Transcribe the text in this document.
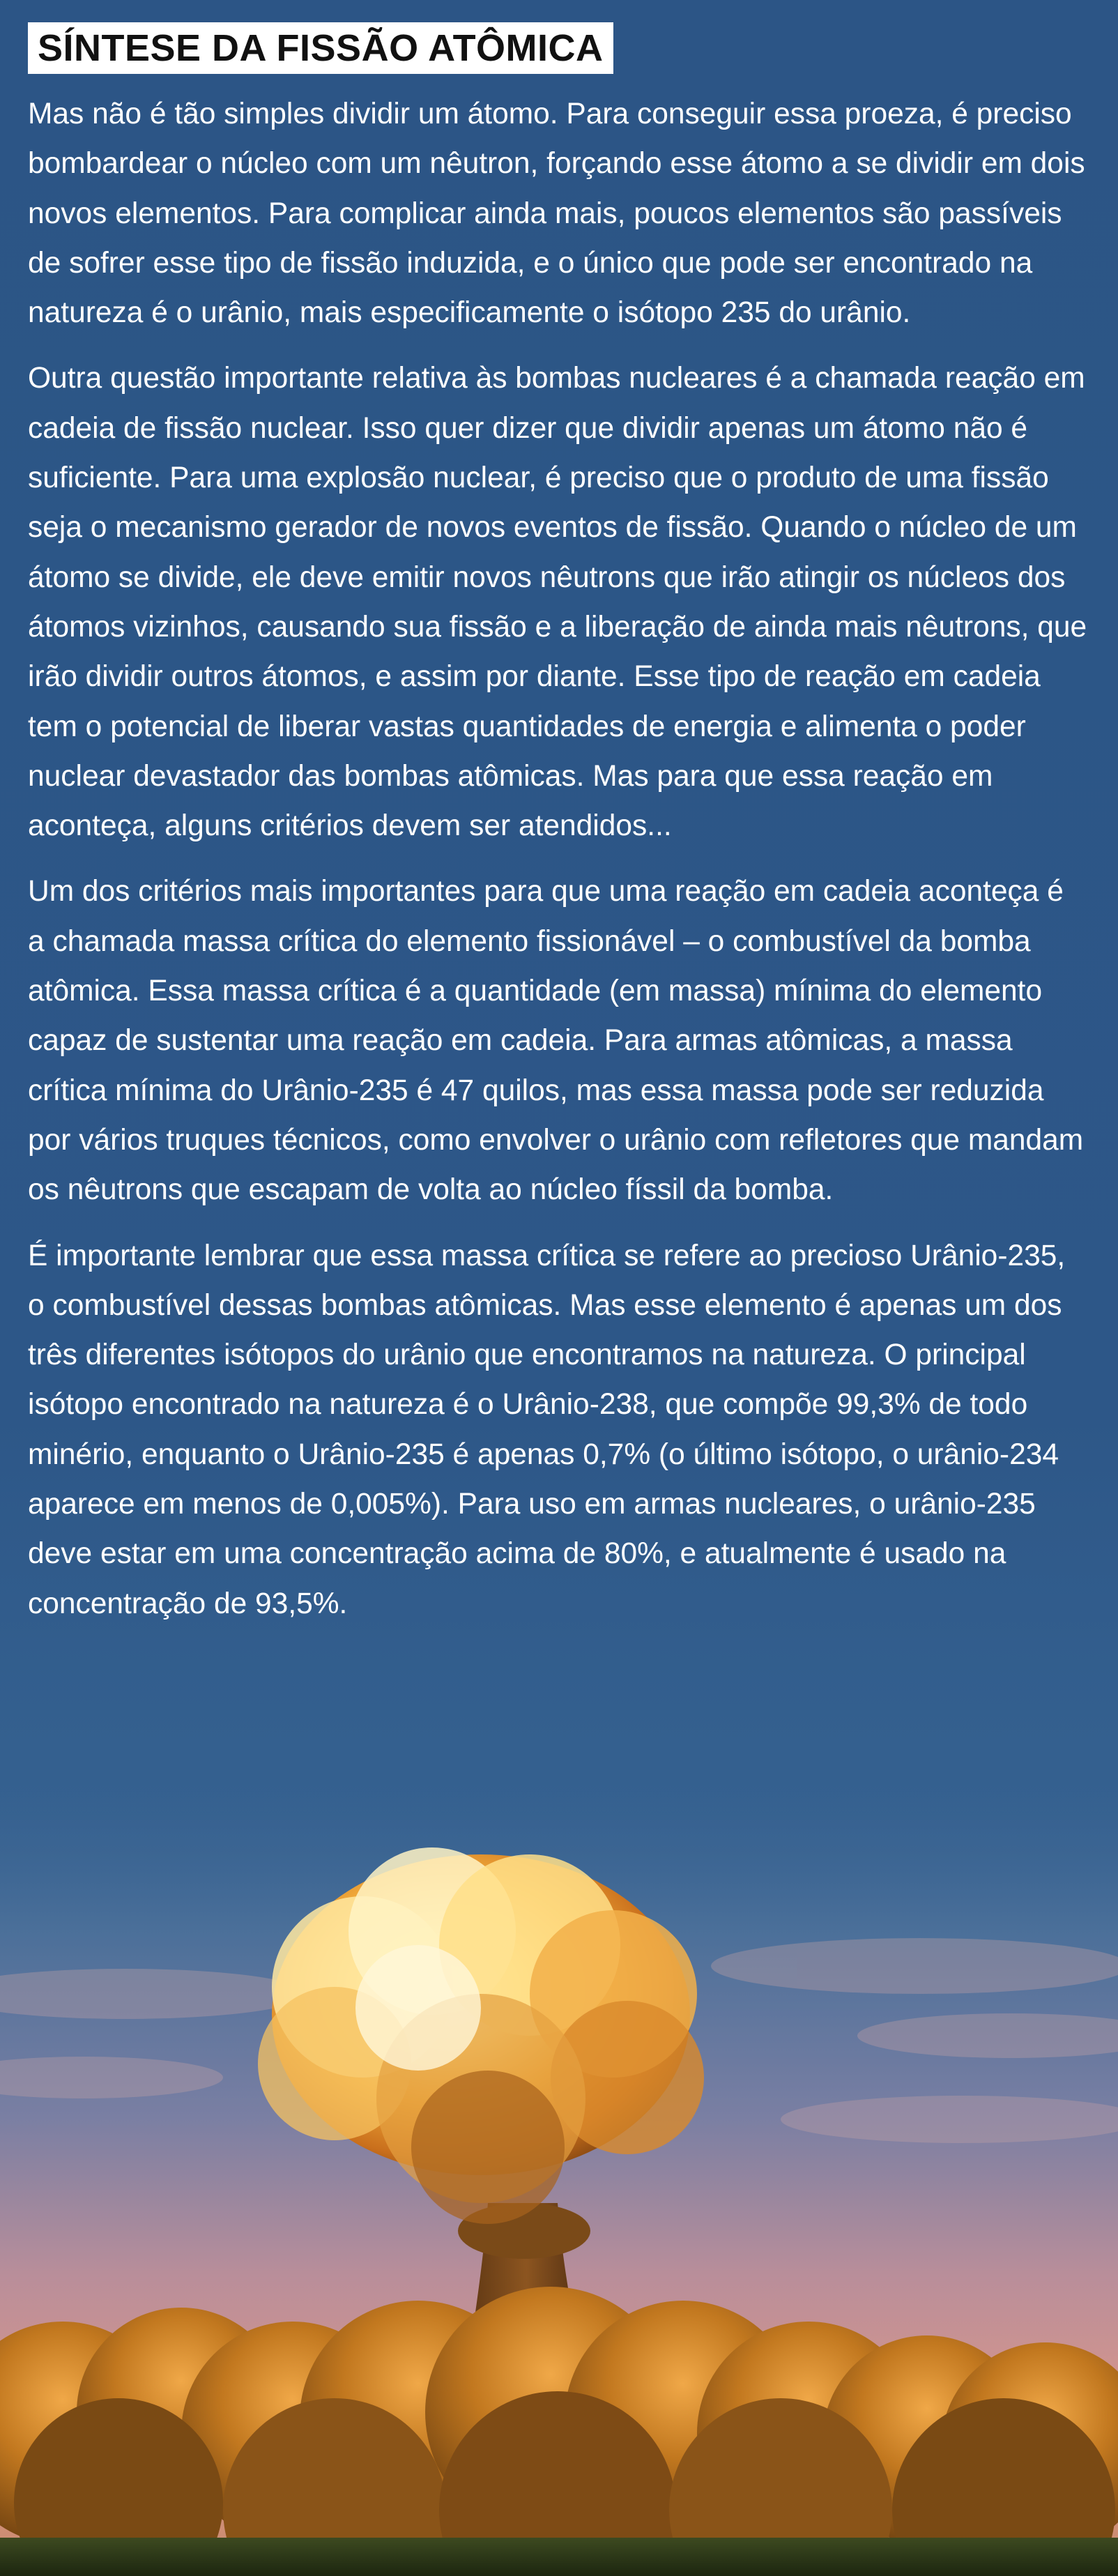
SÍNTESE DA FISSÃO ATÔMICA

Mas não é tão simples dividir um átomo. Para conseguir essa proeza, é preciso bombardear o núcleo com um nêutron, forçando esse átomo a se dividir em dois novos elementos. Para complicar ainda mais, poucos elementos são passíveis de sofrer esse tipo de fissão induzida, e o único que pode ser encontrado na natureza é o urânio, mais especificamente o isótopo 235 do urânio.

Outra questão importante relativa às bombas nucleares é a chamada reação em cadeia de fissão nuclear. Isso quer dizer que dividir apenas um átomo não é suficiente. Para uma explosão nuclear, é preciso que o produto de uma fissão seja o mecanismo gerador de novos eventos de fissão. Quando o núcleo de um átomo se divide, ele deve emitir novos nêutrons que irão atingir os núcleos dos átomos vizinhos, causando sua fissão e a liberação de ainda mais nêutrons, que irão dividir outros átomos, e assim por diante. Esse tipo de reação em cadeia tem o potencial de liberar vastas quantidades de energia e alimenta o poder nuclear devastador das bombas atômicas. Mas para que essa reação em aconteça, alguns critérios devem ser atendidos...

Um dos critérios mais importantes para que uma reação em cadeia aconteça é a chamada massa crítica do elemento fissionável – o combustível da bomba atômica. Essa massa crítica é a quantidade (em massa) mínima do elemento capaz de sustentar uma reação em cadeia. Para armas atômicas, a massa crítica mínima do Urânio-235 é 47 quilos, mas essa massa pode ser reduzida por vários truques técnicos, como envolver o urânio com refletores que mandam os nêutrons que escapam de volta ao núcleo físsil da bomba.

É importante lembrar que essa massa crítica se refere ao precioso Urânio-235, o combustível dessas bombas atômicas. Mas esse elemento é apenas um dos três diferentes isótopos do urânio que encontramos na natureza. O principal isótopo encontrado na natureza é o Urânio-238, que compõe 99,3% de todo minério, enquanto o Urânio-235 é apenas 0,7% (o último isótopo, o urânio-234 aparece em menos de 0,005%). Para uso em armas nucleares, o urânio-235 deve estar em uma concentração acima de 80%, e atualmente é usado na concentração de 93,5%.
